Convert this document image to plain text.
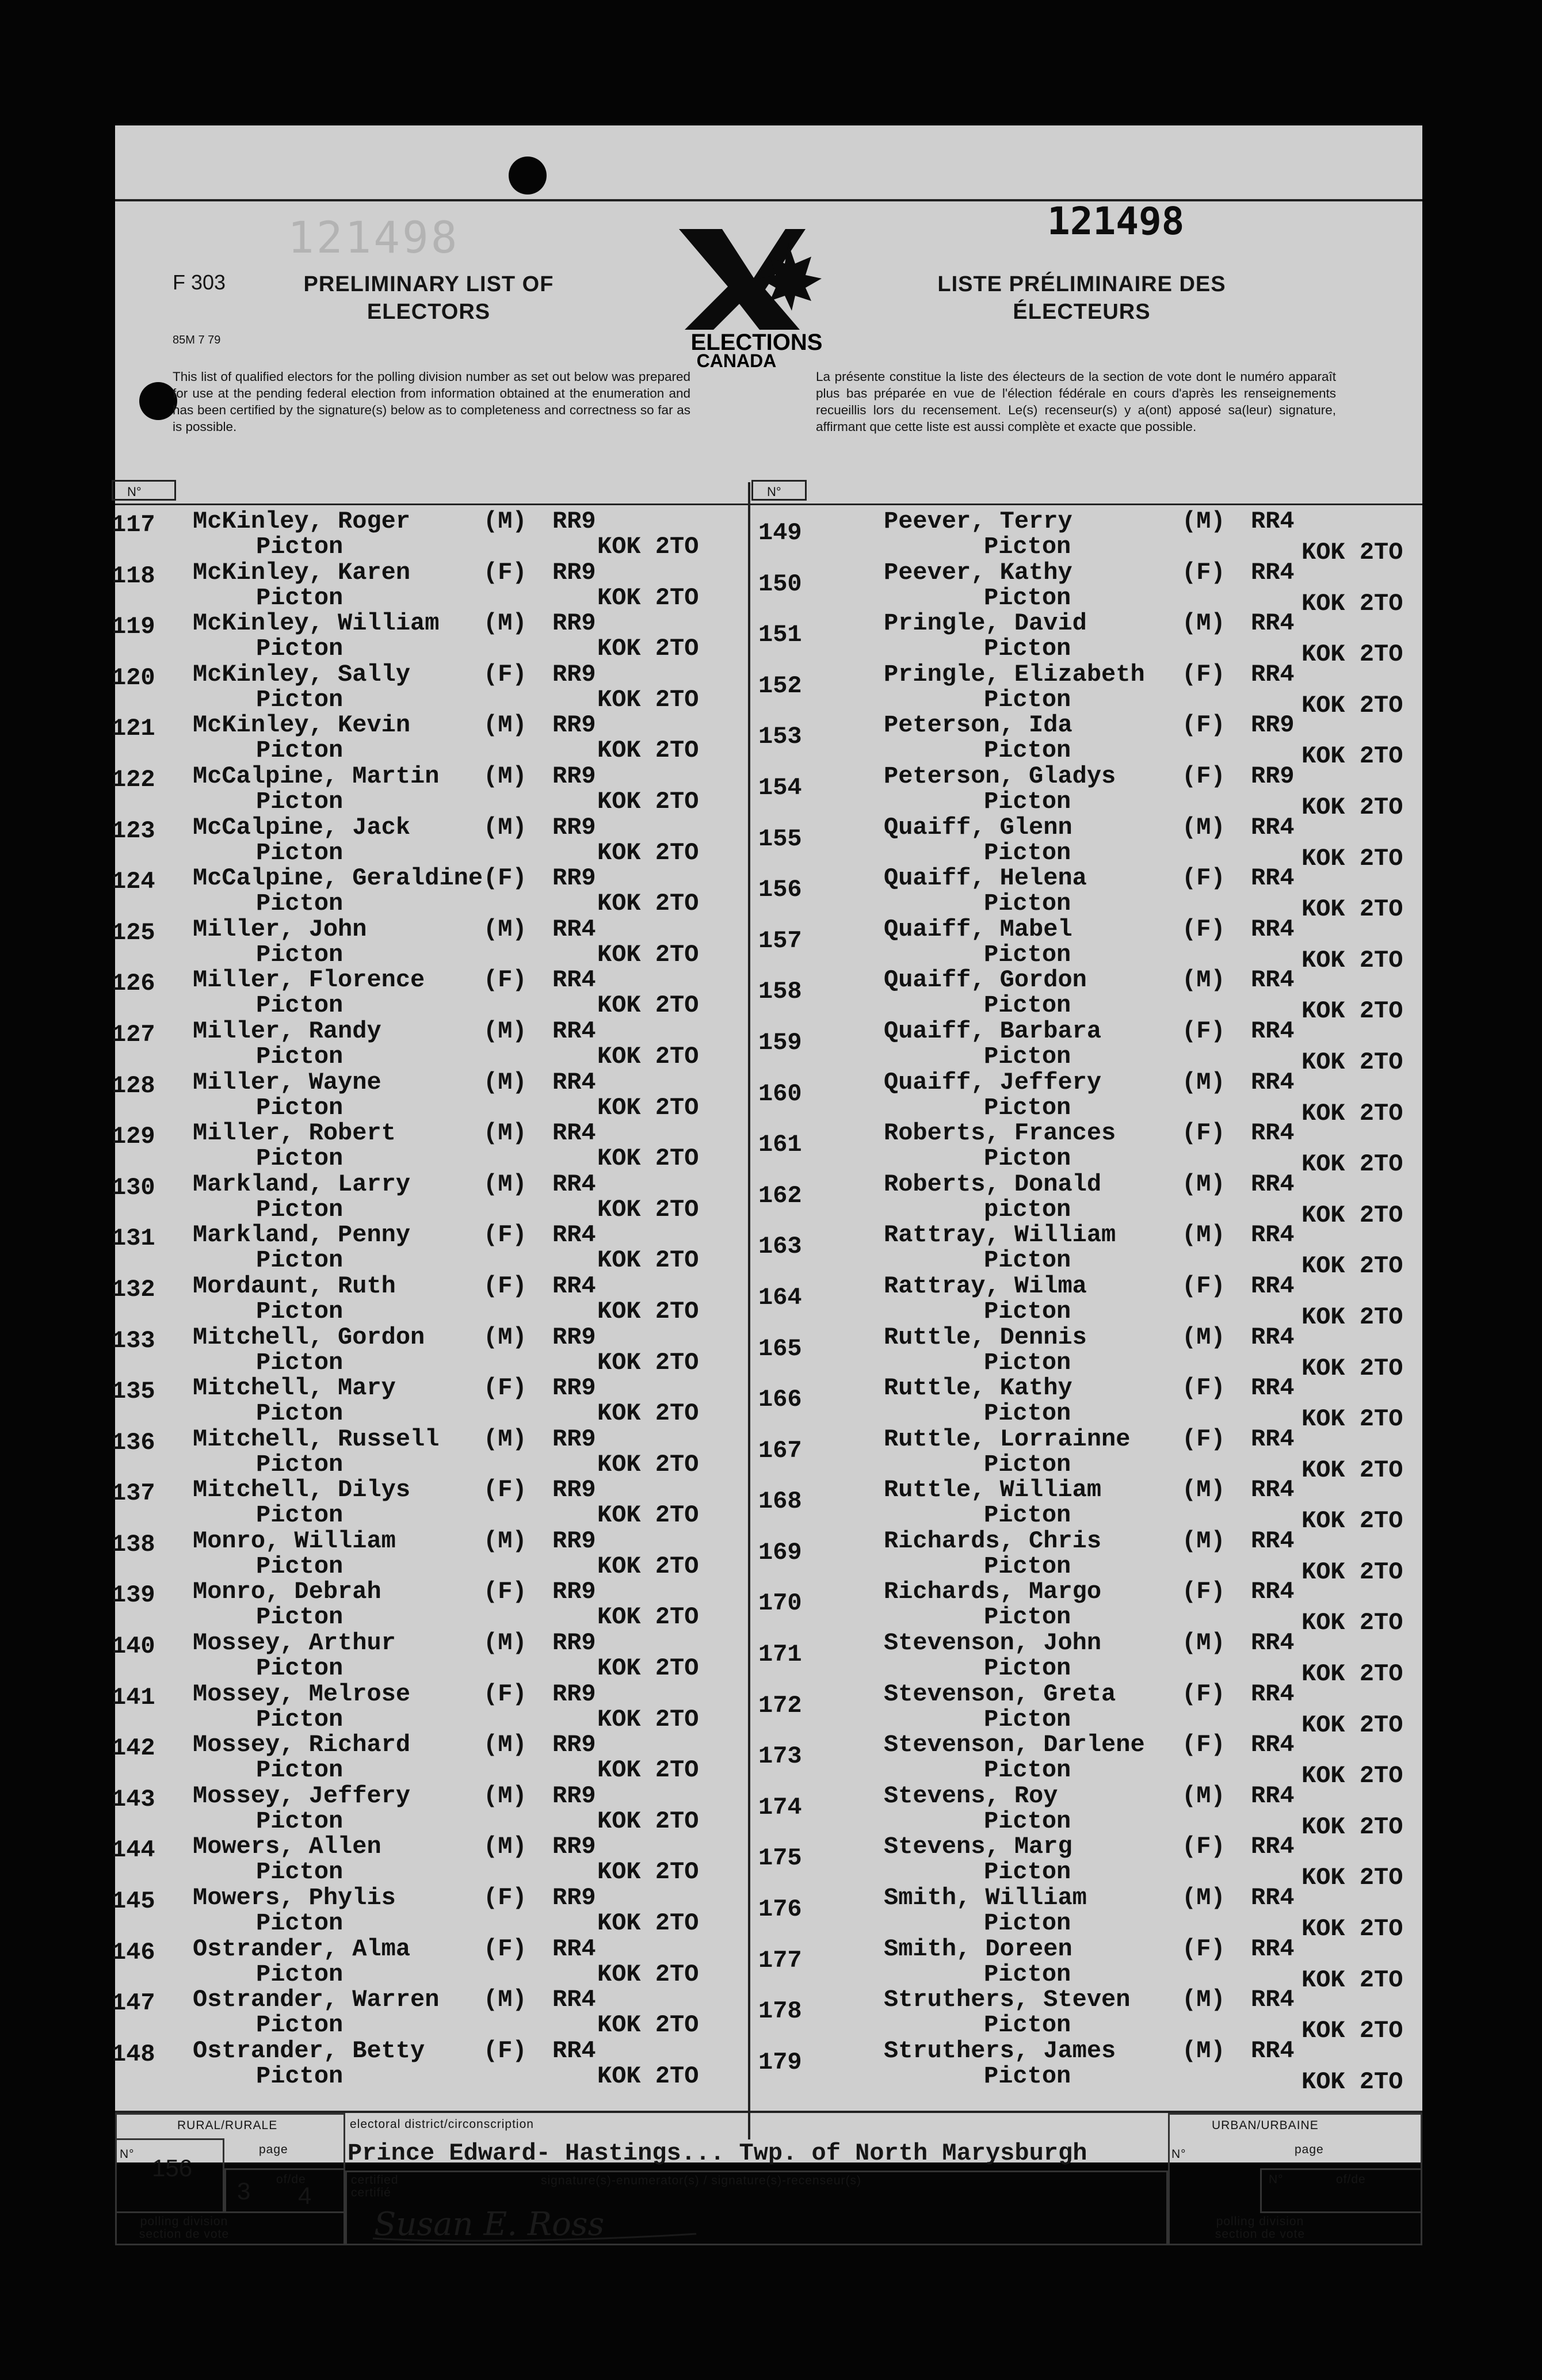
121498	121498
F 303
85M 7 79
PRELIMINARY LIST OF ELECTORS
LISTE PRÉLIMINAIRE DES ÉLECTEURS
ELECTIONS
CANADA
This list of qualified electors for the polling division number as set out below was prepared for use at the pending federal election from information obtained at the enumeration and has been certified by the signature(s) below as to completeness and correctness so far as is possible.
La présente constitue la liste des électeurs de la section de vote dont le numéro apparaît plus bas préparée en vue de l'élection fédérale en cours d'après les renseignements recueillis lors du recensement. Le(s) recenseur(s) y a(ont) apposé sa(leur) signature, affirmant que cette liste est aussi complète et exacte que possible.
N°	N°
117 McKinley, Roger	(M) RR9
Picton	KOK 2TO
118 McKinley, Karen	(F) RR9
Picton	KOK 2TO
119 McKinley, William (M) RR9
Picton	KOK 2TO
120 McKinley, Sally	(F) RR9
Picton	KOK 2TO
121 McKinley, Kevin	(M) RR9
Picton	KOK 2TO
122 McCalpine, Martin (M) RR9
Picton	KOK 2TO
123 McCalpine, Jack	(M) RR9
Picton	KOK 2TO
124 McCalpine, Geraldine (F) RR9
Picton	KOK 2TO
125 Miller, John	(M) RR4
Picton	KOK 2TO
126 Miller, Florence (F) RR4
Picton	KOK 2TO
127 Miller, Randy	(M) RR4
Picton	KOK 2TO
128 Miller, Wayne	(M) RR4
Picton	KOK 2TO
129 Miller, Robert	(M) RR4
Picton	KOK 2TO
130 Markland, Larry	(M) RR4
Picton	KOK 2TO
131 Markland, Penny	(F) RR4
Picton	KOK 2TO
132 Mordaunt, Ruth	(F) RR4
Picton	KOK 2TO
133 Mitchell, Gordon (M) RR9
Picton	KOK 2TO
135 Mitchell, Mary	(F) RR9
Picton	KOK 2TO
136 Mitchell, Russell (M) RR9
Picton	KOK 2TO
137 Mitchell, Dilys	(F) RR9
Picton	KOK 2TO
138 Monro, William	(M) RR9
Picton	KOK 2TO
139 Monro, Debrah	(F) RR9
Picton	KOK 2TO
140 Mossey, Arthur	(M) RR9
Picton	KOK 2TO
141 Mossey, Melrose	(F) RR9
Picton	KOK 2TO
142 Mossey, Richard	(M) RR9
Picton	KOK 2TO
143 Mossey, Jeffery	(M) RR9
Picton	KOK 2TO
144 Mowers, Allen	(M) RR9
Picton	KOK 2TO
145 Mowers, Phylis	(F) RR9
Picton	KOK 2TO
146 Ostrander, Alma	(F) RR4
Picton	KOK 2TO
147 Ostrander, Warren (M) RR4
Picton	KOK 2TO
148 Ostrander, Betty (F) RR4
Picton	KOK 2TO
149	Peever, Terry	(M) RR4
Picton	KOK 2TO
150	Peever, Kathy	(F) RR4
Picton	KOK 2TO
151	Pringle, David	(M) RR4
Picton	KOK 2TO
152	Pringle, Elizabeth (F) RR4
Picton	KOK 2TO
153	Peterson, Ida	(F) RR9
Picton	KOK 2TO
154	Peterson, Gladys	(F) RR9
Picton	KOK 2TO
155	Quaiff, Glenn	(M) RR4
Picton	KOK 2TO
156	Quaiff, Helena	(F) RR4
Picton	KOK 2TO
157	Quaiff, Mabel	(F) RR4
Picton	KOK 2TO
158	Quaiff, Gordon	(M) RR4
Picton	KOK 2TO
159	Quaiff, Barbara	(F) RR4
Picton	KOK 2TO
160	Quaiff, Jeffery	(M) RR4
Picton	KOK 2TO
161	Roberts, Frances	(F) RR4
Picton	KOK 2TO
162	Roberts, Donald	(M) RR4
picton	KOK 2TO
163	Rattray, William	(M) RR4
Picton	KOK 2TO
164	Rattray, Wilma	(F) RR4
Picton	KOK 2TO
165	Ruttle, Dennis	(M) RR4
Picton	KOK 2TO
166	Ruttle, Kathy	(F) RR4
Picton	KOK 2TO
167	Ruttle, Lorrainne (F) RR4
Picton	KOK 2TO
168	Ruttle, William	(M) RR4
Picton	KOK 2TO
169	Richards, Chris	(M) RR4
Picton	KOK 2TO
170	Richards, Margo	(F) RR4
Picton	KOK 2TO
171	Stevenson, John	(M) RR4
Picton	KOK 2TO
172	Stevenson, Greta	(F) RR4
Picton	KOK 2TO
173	Stevenson, Darlene (F) RR4
Picton	KOK 2TO
174	Stevens, Roy	(M) RR4
Picton	KOK 2TO
175	Stevens, Marg	(F) RR4
Picton	KOK 2TO
176	Smith, William	(M) RR4
Picton	KOK 2TO
177	Smith, Doreen	(F) RR4
Picton	KOK 2TO
178	Struthers, Steven (M) RR4
Picton	KOK 2TO
179	Struthers, James	(M) RR4
Picton	KOK 2TO
RURAL/RURALE
N°
156
page
3 of/de
4
polling division section de vote
electoral district/circonscription
Prince Edward- Hastings... Twp. of North Marysburgh
certified certifié
signature(s)-enumerator(s) / signature(s)-recenseur(s)
Susan E. Ross
URBAN/URBAINE
N°	page
N°	of/de
polling division section de vote
